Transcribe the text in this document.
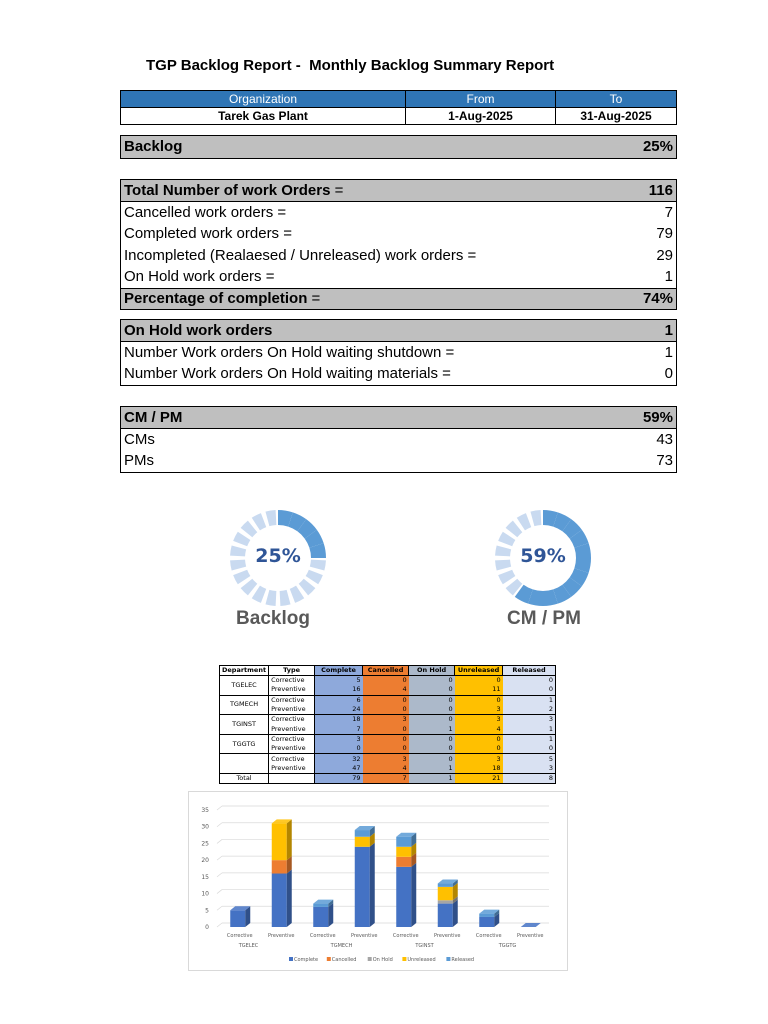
TGP Backlog Report -  Monthly Backlog Summary Report
Organization	From	To
Tarek Gas Plant	1-Aug-2025	31-Aug-2025
Backlog	25%
Total Number of work Orders =	116
Cancelled work orders =	7
Completed work orders =	79
Incompleted (Realaesed / Unreleased) work orders =	29
On Hold work orders =	1
Percentage of completion =	74%
On Hold work orders	1
Number Work orders On Hold waiting shutdown =	1
Number Work orders On Hold waiting materials =	0
CM / PM	59%
CMs	43
PMs	73
25%
Backlog
59%
CM / PM
Department	Type	Complete	Cancelled	On Hold	Unreleased	Released
TGELEC	Corrective	5	0	0	0	0
	Preventive	16	4	0	11	0
TGMECH	Corrective	6	0	0	0	1
	Preventive	24	0	0	3	2
TGINST	Corrective	18	3	0	3	3
	Preventive	7	0	1	4	1
TGGTG	Corrective	3	0	0	0	1
	Preventive	0	0	0	0	0
	Corrective	32	3	0	3	5
	Preventive	47	4	1	18	3
Total		79	7	1	21	8
0
5
10
15
20
25
30
35
Corrective	Preventive	Corrective	Preventive	Corrective	Preventive	Corrective	Preventive
TGELEC	TGMECH	TGINST	TGGTG
Complete	Cancelled	On Hold	Unreleased	Released
